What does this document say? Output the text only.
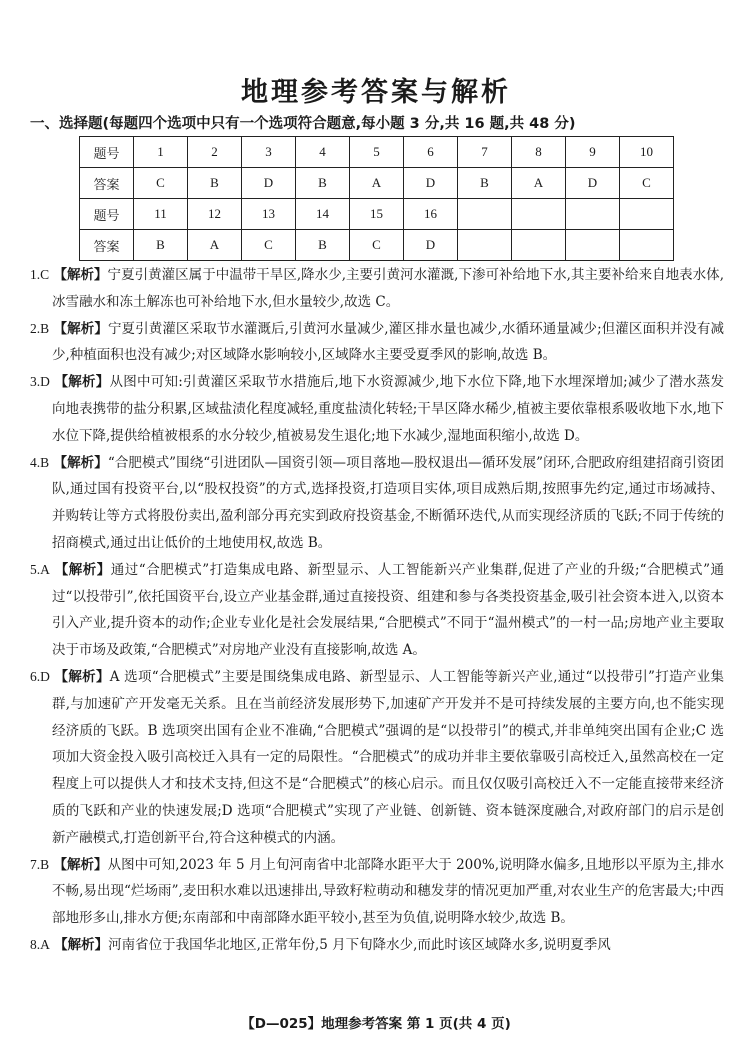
地理参考答案与解析
一、选择题(每题四个选项中只有一个选项符合题意,每小题 3 分,共 16 题,共 48 分)
题号	1	2	3	4	5	6	7	8	9	10
答案	C	B	D	B	A	D	B	A	D	C
题号	11	12	13	14	15	16				
答案	B	A	C	B	C	D				

1.C 【解析】宁夏引黄灌区属于中温带干旱区,降水少,主要引黄河水灌溉,下渗可补给地下水,其主要补给来自地表水体,冰雪融水和冻土解冻也可补给地下水,但水量较少,故选 C。

2.B 【解析】宁夏引黄灌区采取节水灌溉后,引黄河水量减少,灌区排水量也减少,水循环通量减少;但灌区面积并没有减少,种植面积也没有减少;对区域降水影响较小,区域降水主要受夏季风的影响,故选 B。

3.D 【解析】从图中可知:引黄灌区采取节水措施后,地下水资源减少,地下水位下降,地下水埋深增加;减少了潜水蒸发向地表携带的盐分积累,区域盐渍化程度减轻,重度盐渍化转轻;干旱区降水稀少,植被主要依靠根系吸收地下水,地下水位下降,提供给植被根系的水分较少,植被易发生退化;地下水减少,湿地面积缩小,故选 D。

4.B 【解析】“合肥模式”围绕“引进团队—国资引领—项目落地—股权退出—循环发展”闭环,合肥政府组建招商引资团队,通过国有投资平台,以“股权投资”的方式,选择投资,打造项目实体,项目成熟后期,按照事先约定,通过市场减持、并购转让等方式将股份卖出,盈利部分再充实到政府投资基金,不断循环迭代,从而实现经济质的飞跃;不同于传统的招商模式,通过出让低价的土地使用权,故选 B。

5.A 【解析】通过“合肥模式”打造集成电路、新型显示、人工智能新兴产业集群,促进了产业的升级;“合肥模式”通过“以投带引”,依托国资平台,设立产业基金群,通过直接投资、组建和参与各类投资基金,吸引社会资本进入,以资本引入产业,提升资本的动作;企业专业化是社会发展结果,“合肥模式”不同于“温州模式”的一村一品;房地产业主要取决于市场及政策,“合肥模式”对房地产业没有直接影响,故选 A。

6.D 【解析】A 选项“合肥模式”主要是围绕集成电路、新型显示、人工智能等新兴产业,通过“以投带引”打造产业集群,与加速矿产开发毫无关系。且在当前经济发展形势下,加速矿产开发并不是可持续发展的主要方向,也不能实现经济质的飞跃。B 选项突出国有企业不准确,“合肥模式”强调的是“以投带引”的模式,并非单纯突出国有企业;C 选项加大资金投入吸引高校迁入具有一定的局限性。“合肥模式”的成功并非主要依靠吸引高校迁入,虽然高校在一定程度上可以提供人才和技术支持,但这不是“合肥模式”的核心启示。而且仅仅吸引高校迁入不一定能直接带来经济质的飞跃和产业的快速发展;D 选项“合肥模式”实现了产业链、创新链、资本链深度融合,对政府部门的启示是创新产融模式,打造创新平台,符合这种模式的内涵。

7.B 【解析】从图中可知,2023 年 5 月上旬河南省中北部降水距平大于 200%,说明降水偏多,且地形以平原为主,排水不畅,易出现“烂场雨”,麦田积水难以迅速排出,导致籽粒萌动和穗发芽的情况更加严重,对农业生产的危害最大;中西部地形多山,排水方便;东南部和中南部降水距平较小,甚至为负值,说明降水较少,故选 B。

8.A 【解析】河南省位于我国华北地区,正常年份,5 月下旬降水少,而此时该区域降水多,说明夏季风

【D—025】地理参考答案 第 1 页(共 4 页)
